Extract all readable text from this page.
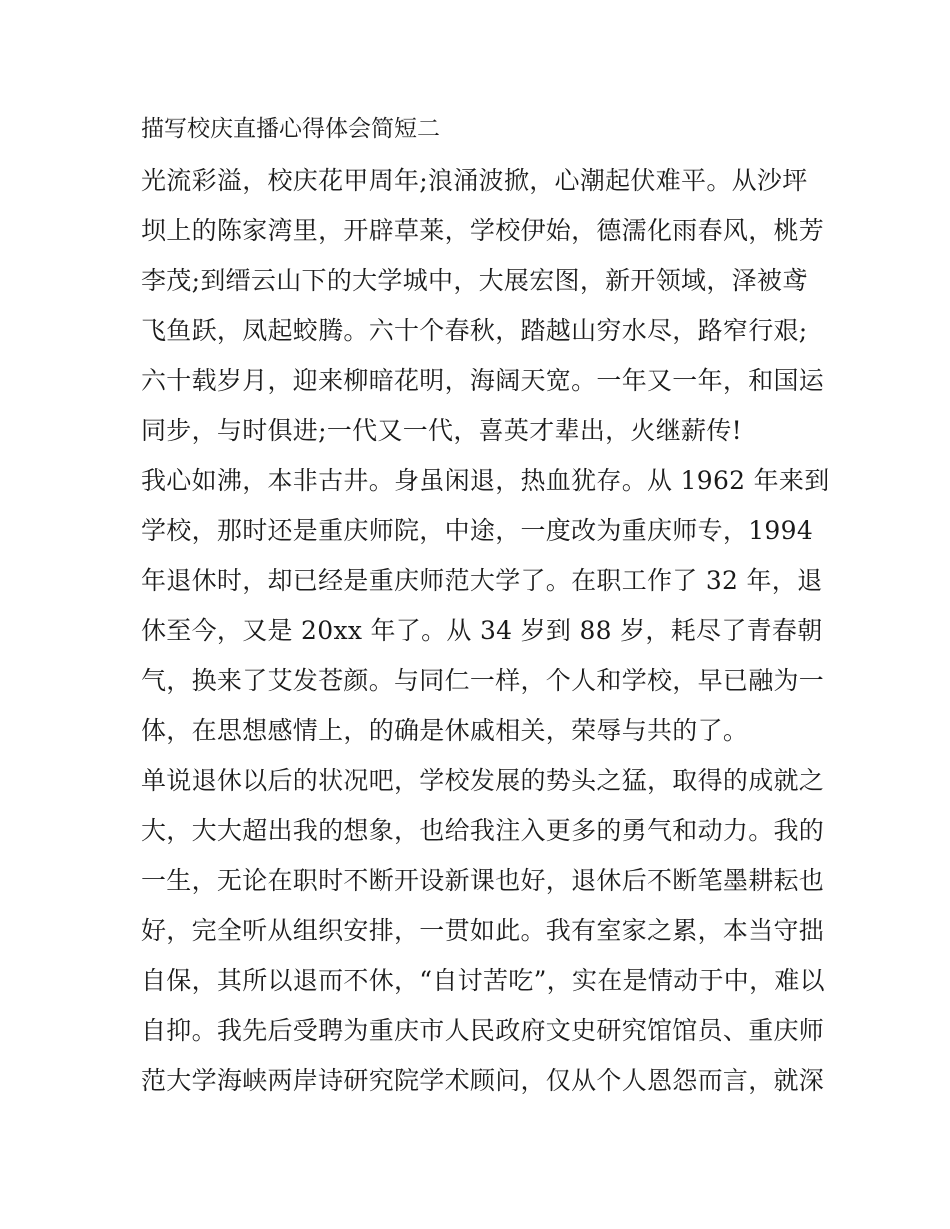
描写校庆直播心得体会简短二
光流彩溢，校庆花甲周年;浪涌波掀，心潮起伏难平。从沙坪
坝上的陈家湾里，开辟草莱，学校伊始，德濡化雨春风，桃芳
李茂;到缙云山下的大学城中，大展宏图，新开领域，泽被鸢
飞鱼跃，凤起蛟腾。六十个春秋，踏越山穷水尽，路窄行艰;
六十载岁月，迎来柳暗花明，海阔天宽。一年又一年，和国运
同步，与时俱进;一代又一代，喜英才辈出，火继薪传!
我心如沸，本非古井。身虽闲退，热血犹存。从 1962 年来到
学校，那时还是重庆师院，中途，一度改为重庆师专，1994
年退休时，却已经是重庆师范大学了。在职工作了 32 年，退
休至今，又是 20xx 年了。从 34 岁到 88 岁，耗尽了青春朝
气，换来了艾发苍颜。与同仁一样，个人和学校，早已融为一
体，在思想感情上，的确是休戚相关，荣辱与共的了。
单说退休以后的状况吧，学校发展的势头之猛，取得的成就之
大，大大超出我的想象，也给我注入更多的勇气和动力。我的
一生，无论在职时不断开设新课也好，退休后不断笔墨耕耘也
好，完全听从组织安排，一贯如此。我有室家之累，本当守拙
自保，其所以退而不休，“自讨苦吃”，实在是情动于中，难以
自抑。我先后受聘为重庆市人民政府文史研究馆馆员、重庆师
范大学海峡两岸诗研究院学术顾问，仅从个人恩怨而言，就深
